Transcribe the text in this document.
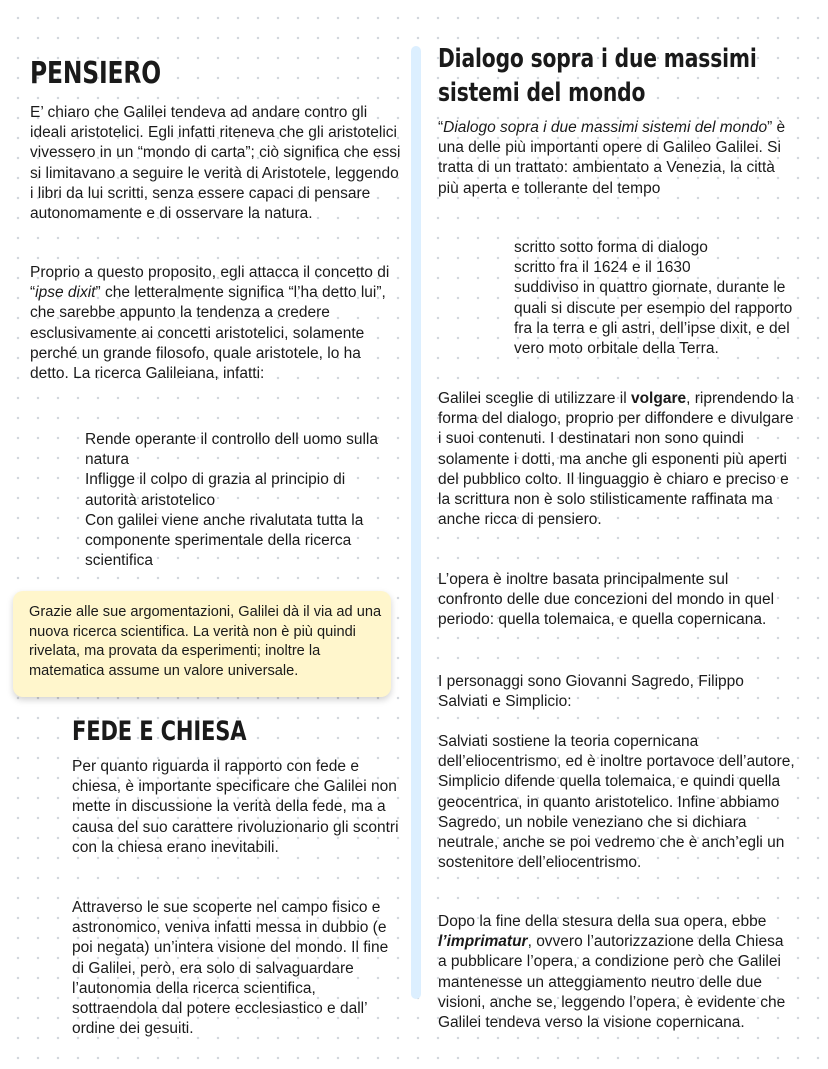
PENSIERO

E’ chiaro che Galilei tendeva ad andare contro gli ideali aristotelici. Egli infatti riteneva che gli aristotelici vivessero in un “mondo di carta”; ciò significa che essi si limitavano a seguire le verità di Aristotele, leggendo i libri da lui scritti, senza essere capaci di pensare autonomamente e di osservare la natura.

Proprio a questo proposito, egli attacca il concetto di “ipse dixit” che letteralmente significa “l’ha detto lui”, che sarebbe appunto la tendenza a credere esclusivamente ai concetti aristotelici, solamente perché un grande filosofo, quale aristotele, lo ha detto. La ricerca Galileiana, infatti:

Rende operante il controllo dell uomo sulla natura
Infligge il colpo di grazia al principio di autorità aristotelico
Con galilei viene anche rivalutata tutta la componente sperimentale della ricerca scientifica

Grazie alle sue argomentazioni, Galilei dà il via ad una nuova ricerca scientifica. La verità non è più quindi rivelata, ma provata da esperimenti; inoltre la matematica assume un valore universale.

FEDE E CHIESA

Per quanto riguarda il rapporto con fede e chiesa, è importante specificare che Galilei non mette in discussione la verità della fede, ma a causa del suo carattere rivoluzionario gli scontri con la chiesa erano inevitabili.

Attraverso le sue scoperte nel campo fisico e astronomico, veniva infatti messa in dubbio (e poi negata) un’intera visione del mondo. Il fine di Galilei, però, era solo di salvaguardare l’autonomia della ricerca scientifica, sottraendola dal potere ecclesiastico e dall’ ordine dei gesuiti.

Dialogo sopra i due massimi sistemi del mondo

“Dialogo sopra i due massimi sistemi del mondo” è una delle più importanti opere di Galileo Galilei. Si tratta di un trattato: ambientato a Venezia, la città più aperta e tollerante del tempo

scritto sotto forma di dialogo
scritto fra il 1624 e il 1630
suddiviso in quattro giornate, durante le quali si discute per esempio del rapporto fra la terra e gli astri, dell’ipse dixit, e del vero moto orbitale della Terra.

Galilei sceglie di utilizzare il volgare, riprendendo la forma del dialogo, proprio per diffondere e divulgare i suoi contenuti. I destinatari non sono quindi solamente i dotti, ma anche gli esponenti più aperti del pubblico colto. Il linguaggio è chiaro e preciso e la scrittura non è solo stilisticamente raffinata ma anche ricca di pensiero.

L’opera è inoltre basata principalmente sul confronto delle due concezioni del mondo in quel periodo: quella tolemaica, e quella copernicana.

I personaggi sono Giovanni Sagredo, Filippo Salviati e Simplicio:

Salviati sostiene la teoria copernicana dell’eliocentrismo, ed è inoltre portavoce dell’autore, Simplicio difende quella tolemaica, e quindi quella geocentrica, in quanto aristotelico. Infine abbiamo Sagredo, un nobile veneziano che si dichiara neutrale, anche se poi vedremo che è anch’egli un sostenitore dell’eliocentrismo.

Dopo la fine della stesura della sua opera, ebbe l’imprimatur, ovvero l’autorizzazione della Chiesa a pubblicare l’opera, a condizione però che Galilei mantenesse un atteggiamento neutro delle due visioni, anche se, leggendo l’opera, è evidente che Galilei tendeva verso la visione copernicana.
